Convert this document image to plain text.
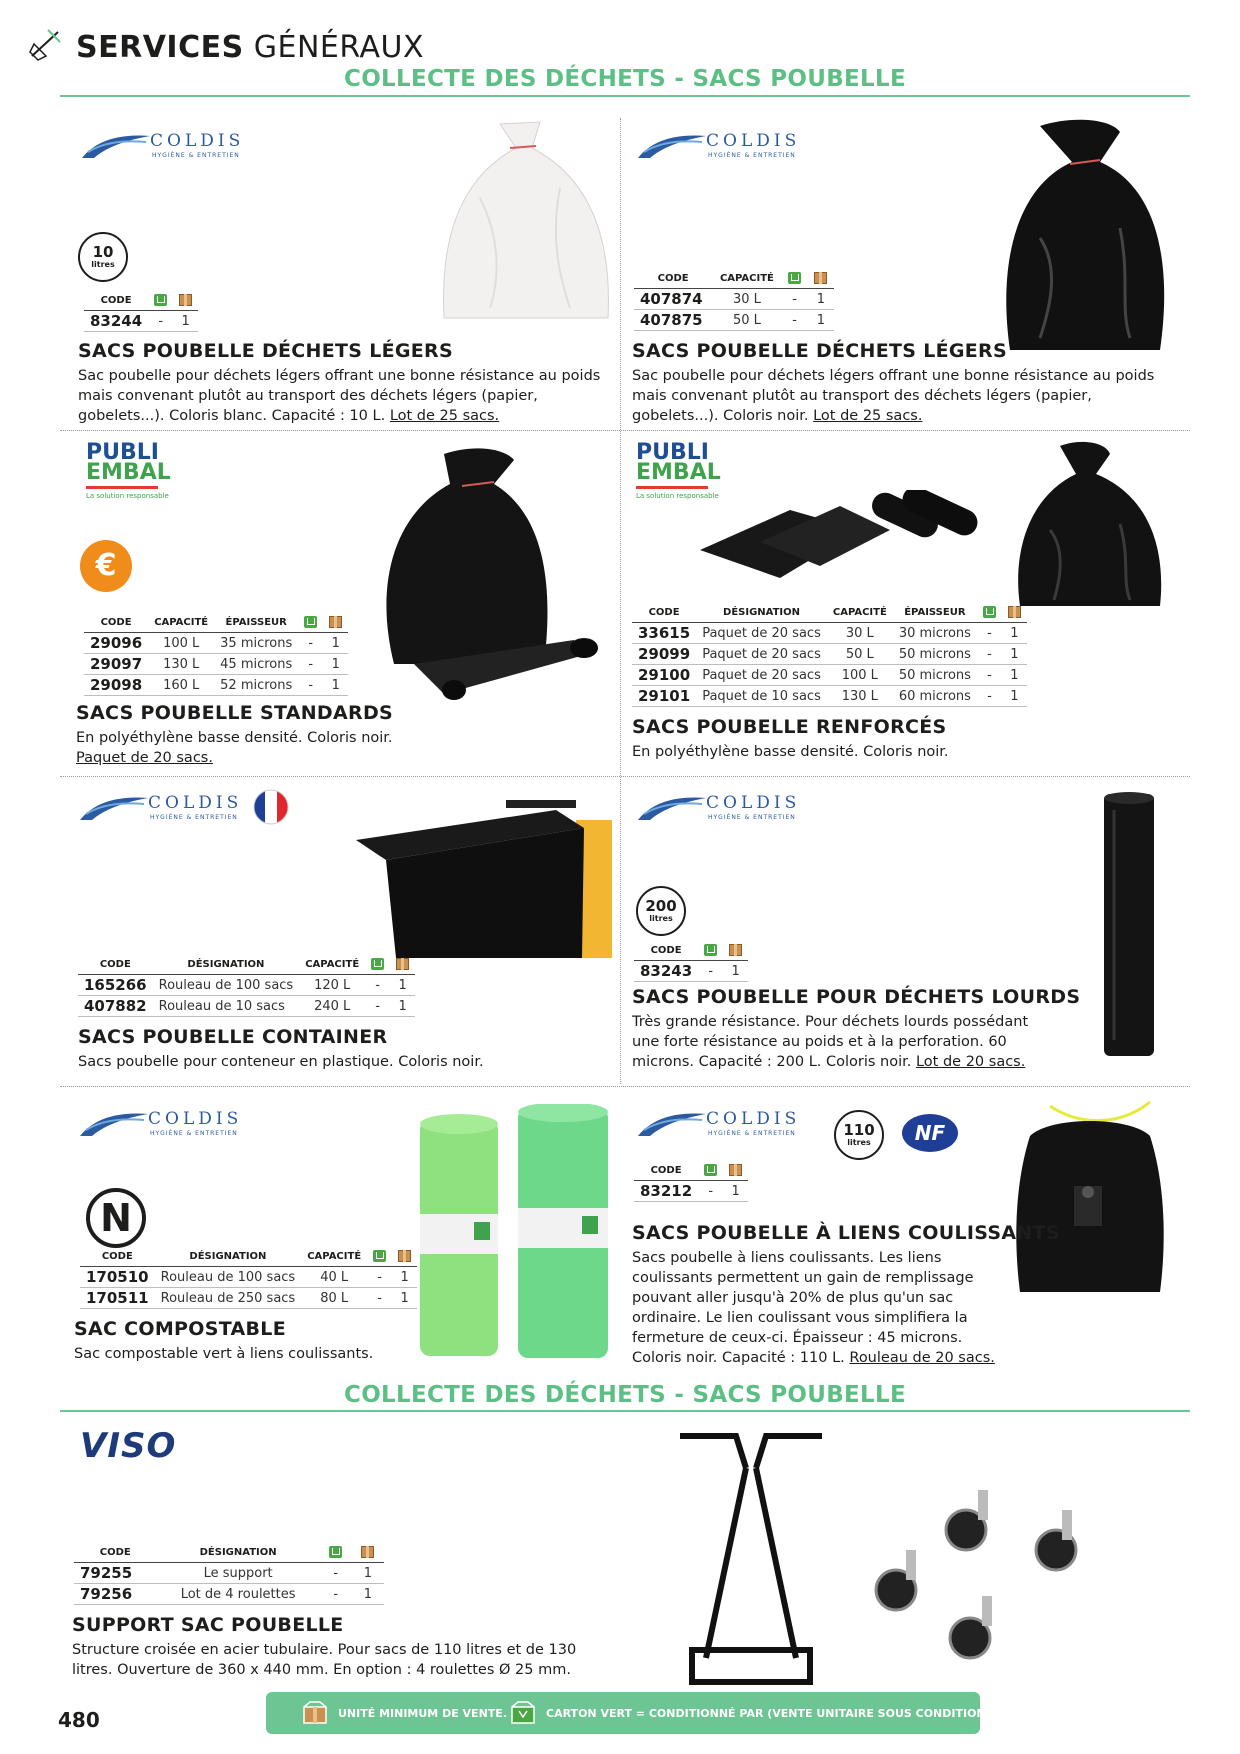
SERVICES GÉNÉRAUX
COLLECTE DES DÉCHETS - SACS POUBELLE
COLDIS
HYGIÈNE & ENTRETIEN
10
litres
CODE		
83244	-	1
SACS POUBELLE DÉCHETS LÉGERS
Sac poubelle pour déchets légers offrant une bonne résistance au poids mais convenant plutôt au transport des déchets légers (papier, gobelets...). Coloris blanc. Capacité : 10 L. Lot de 25 sacs.
COLDIS
HYGIÈNE & ENTRETIEN
CODE	CAPACITÉ		
407874	30 L	-	1
407875	50 L	-	1
SACS POUBELLE DÉCHETS LÉGERS
Sac poubelle pour déchets légers offrant une bonne résistance au poids mais convenant plutôt au transport des déchets légers (papier, gobelets...). Coloris noir. Lot de 25 sacs.
PUBLI
EMBAL
La solution responsable
€
CODE	CAPACITÉ	ÉPAISSEUR		
29096	100 L	35 microns	-	1
29097	130 L	45 microns	-	1
29098	160 L	52 microns	-	1
SACS POUBELLE STANDARDS
En polyéthylène basse densité. Coloris noir.
Paquet de 20 sacs.
PUBLI
EMBAL
La solution responsable
CODE	DÉSIGNATION	CAPACITÉ	ÉPAISSEUR		
33615	Paquet de 20 sacs	30 L	30 microns	-	1
29099	Paquet de 20 sacs	50 L	50 microns	-	1
29100	Paquet de 20 sacs	100 L	50 microns	-	1
29101	Paquet de 10 sacs	130 L	60 microns	-	1
SACS POUBELLE RENFORCÉS
En polyéthylène basse densité. Coloris noir.
COLDIS
HYGIÈNE & ENTRETIEN
CODE	DÉSIGNATION	CAPACITÉ		
165266	Rouleau de 100 sacs	120 L	-	1
407882	Rouleau de 10 sacs	240 L	-	1
SACS POUBELLE CONTAINER
Sacs poubelle pour conteneur en plastique. Coloris noir.
COLDIS
HYGIÈNE & ENTRETIEN
200
litres
CODE		
83243	-	1
SACS POUBELLE POUR DÉCHETS LOURDS
Très grande résistance. Pour déchets lourds possédant une forte résistance au poids et à la perforation. 60 microns. Capacité : 200 L. Coloris noir. Lot de 20 sacs.
COLDIS
HYGIÈNE & ENTRETIEN
N
CODE	DÉSIGNATION	CAPACITÉ		
170510	Rouleau de 100 sacs	40 L	-	1
170511	Rouleau de 250 sacs	80 L	-	1
SAC COMPOSTABLE
Sac compostable vert à liens coulissants.
COLDIS
HYGIÈNE & ENTRETIEN	110
litres	NF
CODE		
83212	-	1
SACS POUBELLE À LIENS COULISSANTS
Sacs poubelle à liens coulissants. Les liens coulissants permettent un gain de remplissage pouvant aller jusqu'à 20% de plus qu'un sac ordinaire. Le lien coulissant vous simplifiera la fermeture de ceux-ci. Épaisseur : 45 microns. Coloris noir. Capacité : 110 L. Rouleau de 20 sacs.
COLLECTE DES DÉCHETS - SACS POUBELLE
VISO
CODE	DÉSIGNATION		
79255	Le support	-	1
79256	Lot de 4 roulettes	-	1
SUPPORT SAC POUBELLE
Structure croisée en acier tubulaire. Pour sacs de 110 litres et de 130 litres. Ouverture de 360 x 440 mm. En option : 4 roulettes Ø 25 mm.
480	UNITÉ MINIMUM DE VENTE.	CARTON VERT = CONDITIONNÉ PAR (VENTE UNITAIRE SOUS CONDITION).
